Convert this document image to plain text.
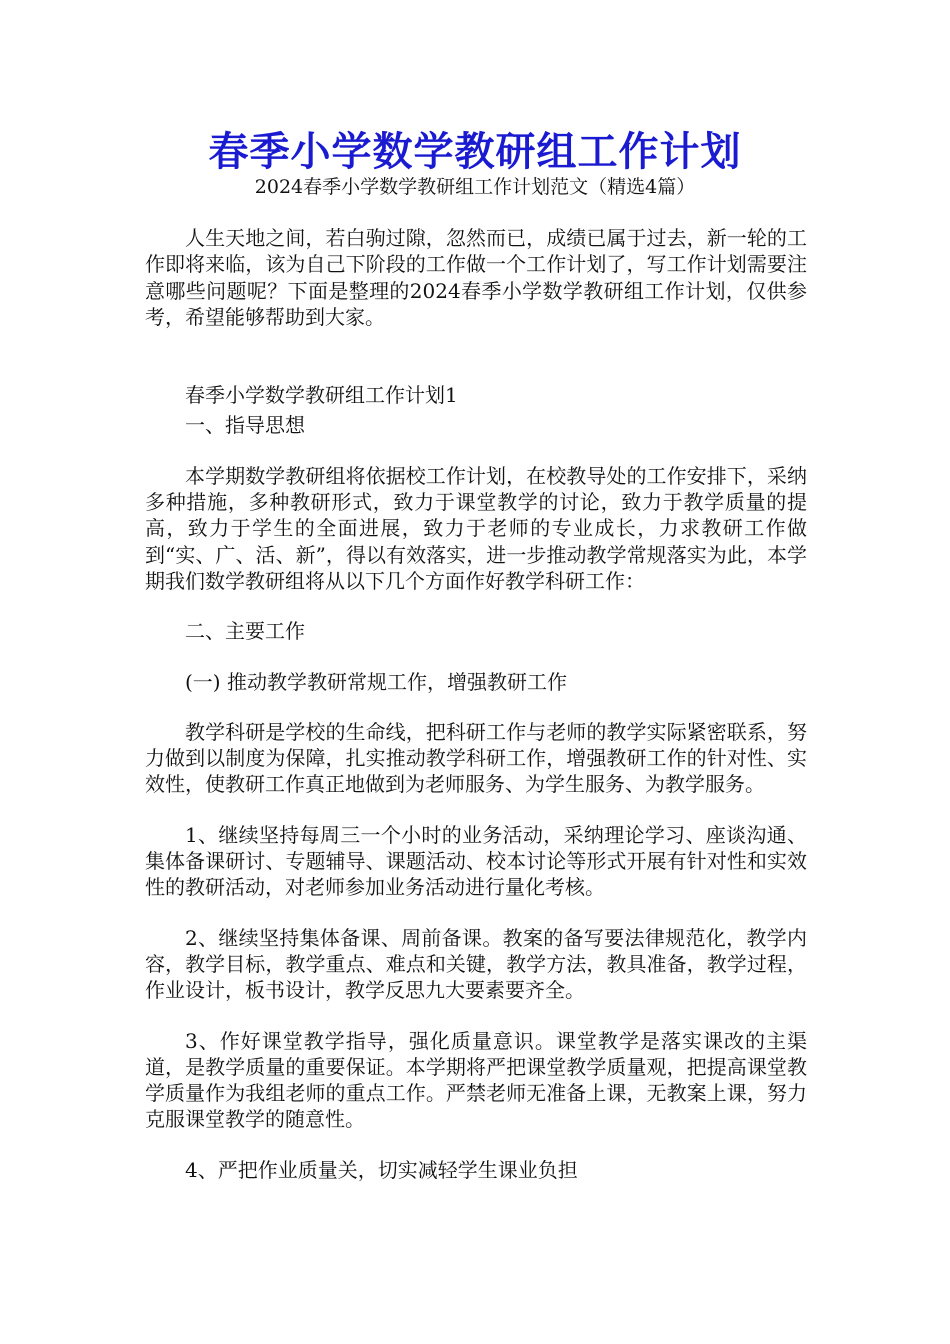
春季小学数学教研组工作计划
2024春季小学数学教研组工作计划范文（精选4篇）

人生天地之间，若白驹过隙，忽然而已，成绩已属于过去，新一轮的工作即将来临，该为自己下阶段的工作做一个工作计划了，写工作计划需要注意哪些问题呢？下面是整理的2024春季小学数学教研组工作计划，仅供参考，希望能够帮助到大家。

春季小学数学教研组工作计划1

一、指导思想

本学期数学教研组将依据校工作计划，在校教导处的工作安排下，采纳多种措施，多种教研形式，致力于课堂教学的讨论，致力于教学质量的提高，致力于学生的全面进展，致力于老师的专业成长，力求教研工作做到“实、广、活、新”，得以有效落实，进一步推动教学常规落实为此，本学期我们数学教研组将从以下几个方面作好教学科研工作：

二、主要工作

(一) 推动教学教研常规工作，增强教研工作

教学科研是学校的生命线，把科研工作与老师的教学实际紧密联系，努力做到以制度为保障，扎实推动教学科研工作，增强教研工作的针对性、实效性，使教研工作真正地做到为老师服务、为学生服务、为教学服务。

1、继续坚持每周三一个小时的业务活动，采纳理论学习、座谈沟通、集体备课研讨、专题辅导、课题活动、校本讨论等形式开展有针对性和实效性的教研活动，对老师参加业务活动进行量化考核。

2、继续坚持集体备课、周前备课。教案的备写要法律规范化，教学内容，教学目标，教学重点、难点和关键，教学方法，教具准备，教学过程，作业设计，板书设计，教学反思九大要素要齐全。

3、作好课堂教学指导，强化质量意识。课堂教学是落实课改的主渠道，是教学质量的重要保证。本学期将严把课堂教学质量观，把提高课堂教学质量作为我组老师的重点工作。严禁老师无准备上课，无教案上课，努力克服课堂教学的随意性。

4、严把作业质量关，切实减轻学生课业负担
